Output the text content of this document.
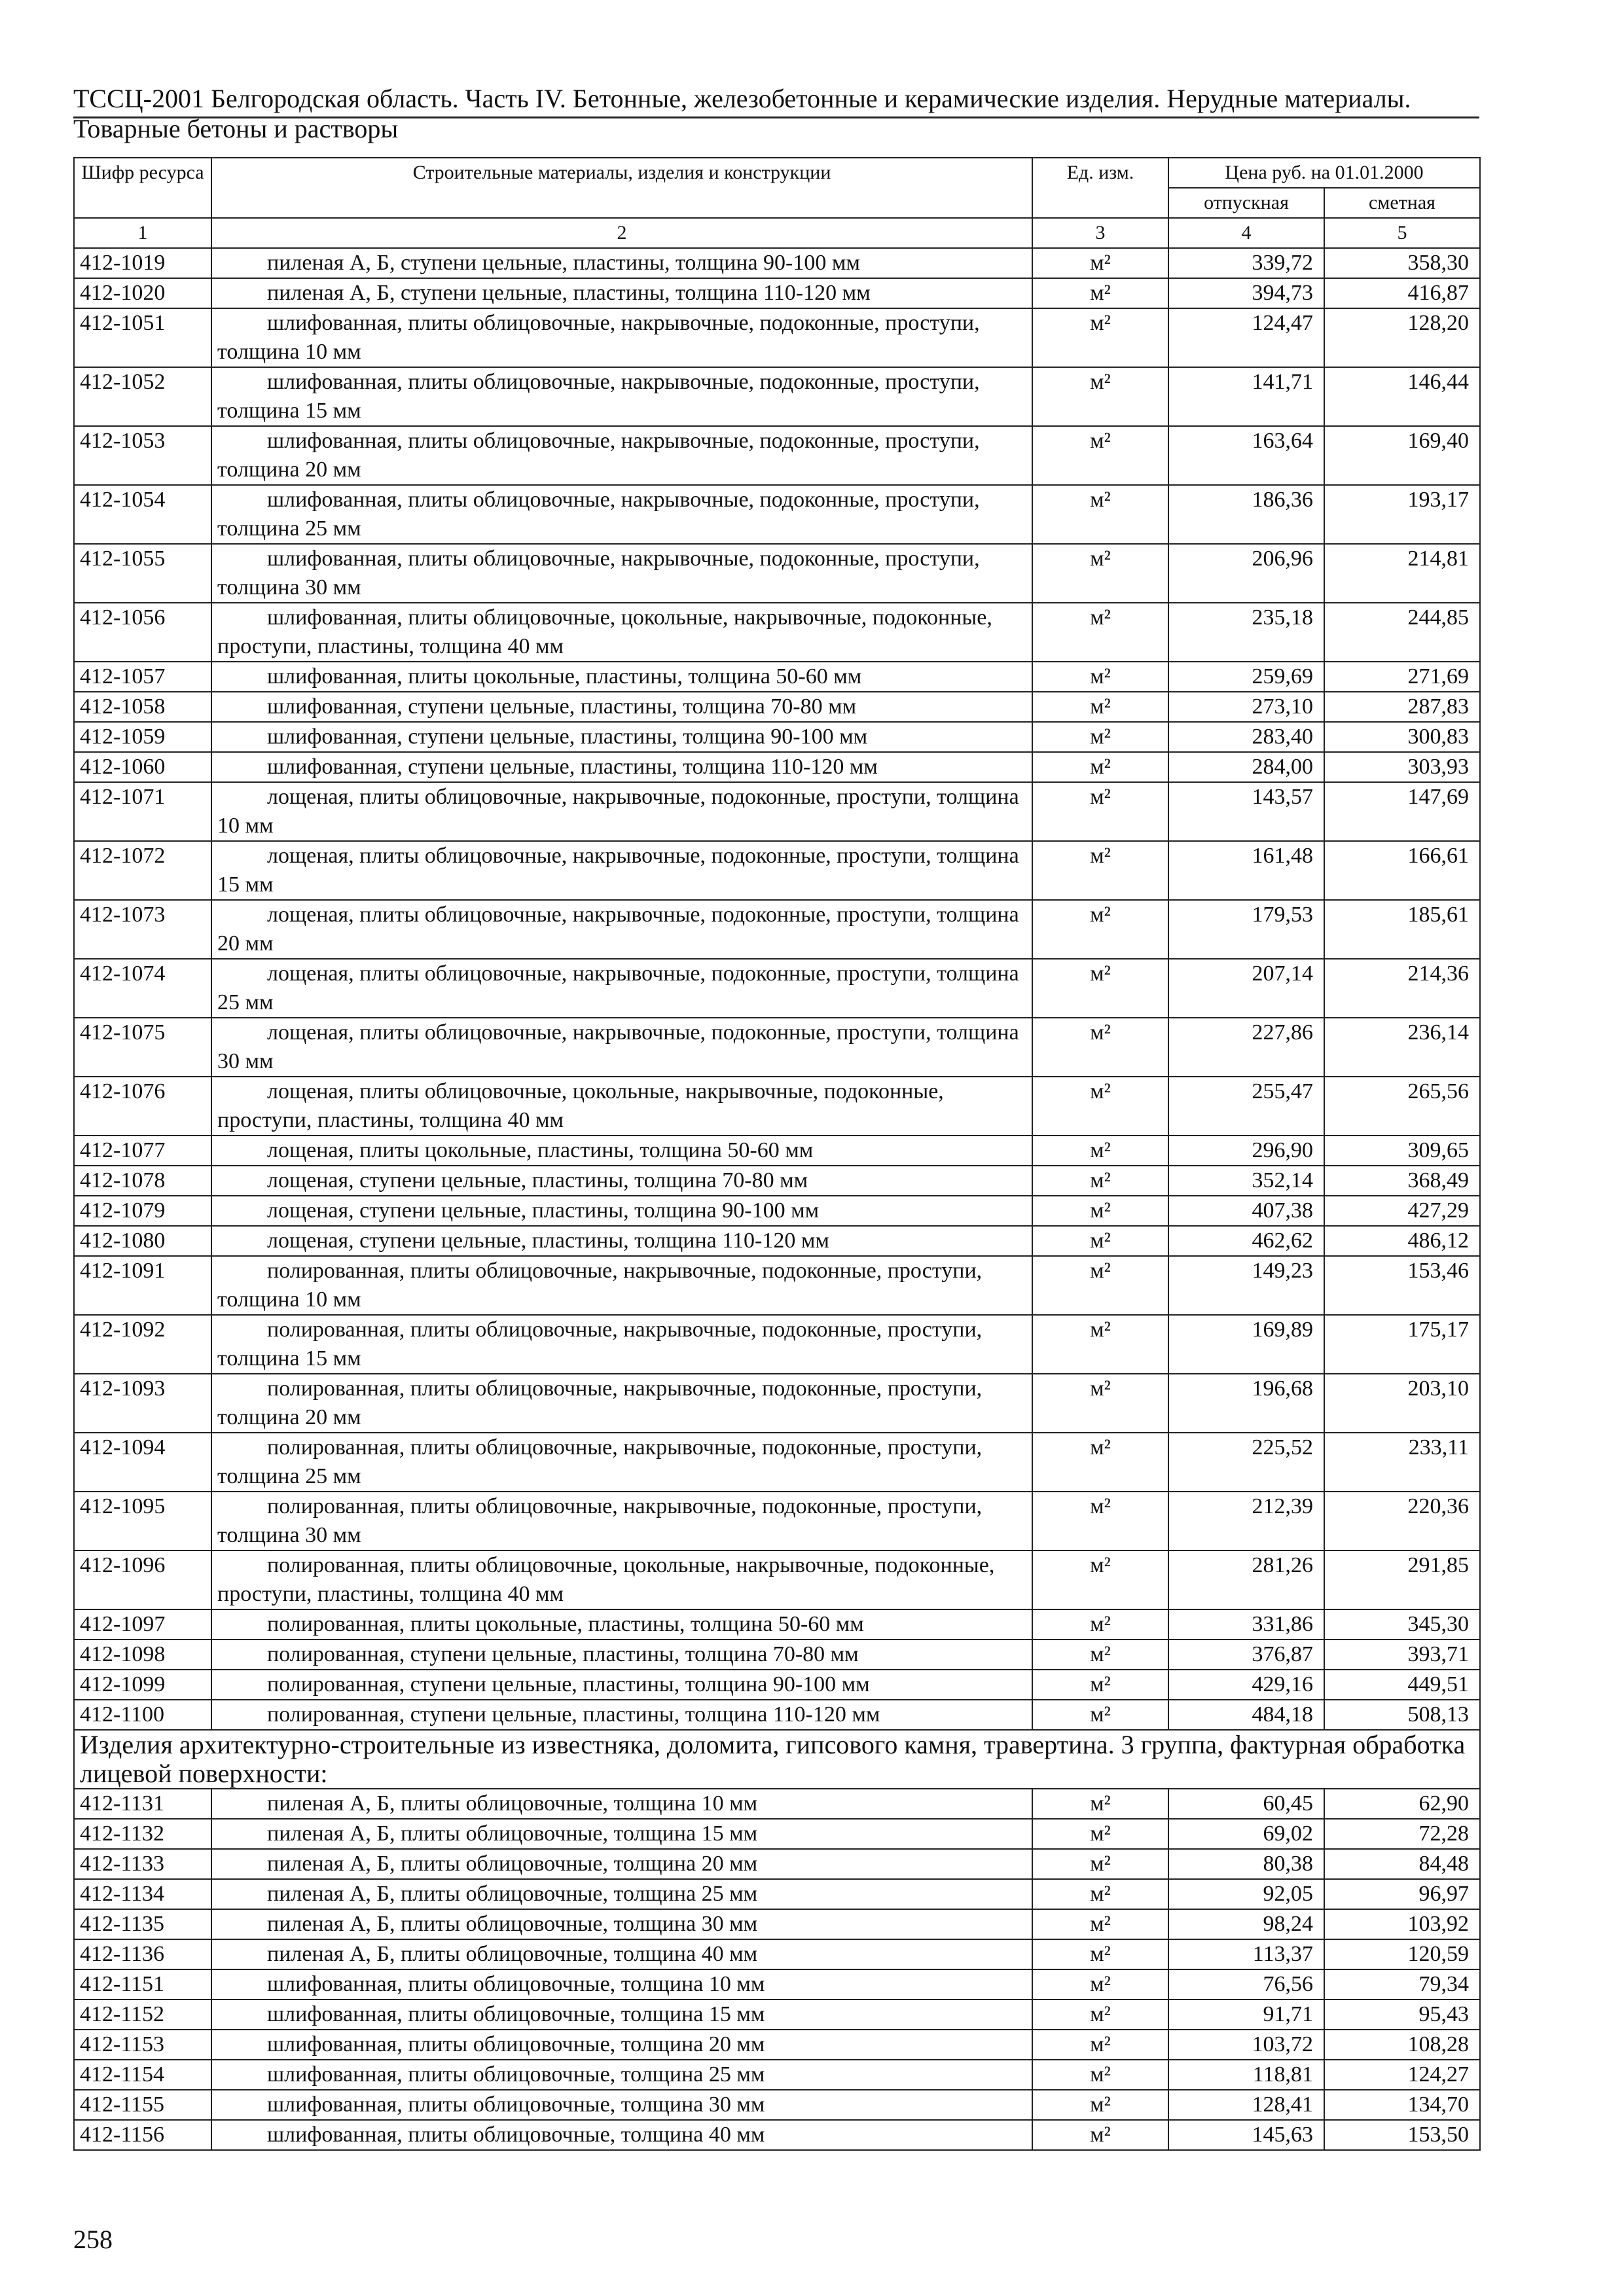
ТССЦ-2001 Белгородская область. Часть IV. Бетонные, железобетонные и керамические изделия. Нерудные материалы. Товарные бетоны и растворы
Шифр ресурса	Строительные материалы, изделия и конструкции	Ед. изм.	Цена руб. на 01.01.2000	
			отпускная	сметная
1	2	3	4	5
412-1019	пиленая А, Б, ступени цельные, пластины, толщина 90-100 мм	м²	339,72	358,30
412-1020	пиленая А, Б, ступени цельные, пластины, толщина 110-120 мм	м²	394,73	416,87
412-1051	шлифованная, плиты облицовочные, накрывочные, подоконные, проступи, толщина 10 мм	м²	124,47	128,20
412-1052	шлифованная, плиты облицовочные, накрывочные, подоконные, проступи, толщина 15 мм	м²	141,71	146,44
412-1053	шлифованная, плиты облицовочные, накрывочные, подоконные, проступи, толщина 20 мм	м²	163,64	169,40
412-1054	шлифованная, плиты облицовочные, накрывочные, подоконные, проступи, толщина 25 мм	м²	186,36	193,17
412-1055	шлифованная, плиты облицовочные, накрывочные, подоконные, проступи, толщина 30 мм	м²	206,96	214,81
412-1056	шлифованная, плиты облицовочные, цокольные, накрывочные, подоконные, проступи, пластины, толщина 40 мм	м²	235,18	244,85
412-1057	шлифованная, плиты цокольные, пластины, толщина 50-60 мм	м²	259,69	271,69
412-1058	шлифованная, ступени цельные, пластины, толщина 70-80 мм	м²	273,10	287,83
412-1059	шлифованная, ступени цельные, пластины, толщина 90-100 мм	м²	283,40	300,83
412-1060	шлифованная, ступени цельные, пластины, толщина 110-120 мм	м²	284,00	303,93
412-1071	лощеная, плиты облицовочные, накрывочные, подоконные, проступи, толщина 10 мм	м²	143,57	147,69
412-1072	лощеная, плиты облицовочные, накрывочные, подоконные, проступи, толщина 15 мм	м²	161,48	166,61
412-1073	лощеная, плиты облицовочные, накрывочные, подоконные, проступи, толщина 20 мм	м²	179,53	185,61
412-1074	лощеная, плиты облицовочные, накрывочные, подоконные, проступи, толщина 25 мм	м²	207,14	214,36
412-1075	лощеная, плиты облицовочные, накрывочные, подоконные, проступи, толщина 30 мм	м²	227,86	236,14
412-1076	лощеная, плиты облицовочные, цокольные, накрывочные, подоконные, проступи, пластины, толщина 40 мм	м²	255,47	265,56
412-1077	лощеная, плиты цокольные, пластины, толщина 50-60 мм	м²	296,90	309,65
412-1078	лощеная, ступени цельные, пластины, толщина 70-80 мм	м²	352,14	368,49
412-1079	лощеная, ступени цельные, пластины, толщина 90-100 мм	м²	407,38	427,29
412-1080	лощеная, ступени цельные, пластины, толщина 110-120 мм	м²	462,62	486,12
412-1091	полированная, плиты облицовочные, накрывочные, подоконные, проступи, толщина 10 мм	м²	149,23	153,46
412-1092	полированная, плиты облицовочные, накрывочные, подоконные, проступи, толщина 15 мм	м²	169,89	175,17
412-1093	полированная, плиты облицовочные, накрывочные, подоконные, проступи, толщина 20 мм	м²	196,68	203,10
412-1094	полированная, плиты облицовочные, накрывочные, подоконные, проступи, толщина 25 мм	м²	225,52	233,11
412-1095	полированная, плиты облицовочные, накрывочные, подоконные, проступи, толщина 30 мм	м²	212,39	220,36
412-1096	полированная, плиты облицовочные, цокольные, накрывочные, подоконные, проступи, пластины, толщина 40 мм	м²	281,26	291,85
412-1097	полированная, плиты цокольные, пластины, толщина 50-60 мм	м²	331,86	345,30
412-1098	полированная, ступени цельные, пластины, толщина 70-80 мм	м²	376,87	393,71
412-1099	полированная, ступени цельные, пластины, толщина 90-100 мм	м²	429,16	449,51
412-1100	полированная, ступени цельные, пластины, толщина 110-120 мм	м²	484,18	508,13
Изделия архитектурно-строительные из известняка, доломита, гипсового камня, травертина. 3 группа, фактурная обработка лицевой поверхности:				
412-1131	пиленая А, Б, плиты облицовочные, толщина 10 мм	м²	60,45	62,90
412-1132	пиленая А, Б, плиты облицовочные, толщина 15 мм	м²	69,02	72,28
412-1133	пиленая А, Б, плиты облицовочные, толщина 20 мм	м²	80,38	84,48
412-1134	пиленая А, Б, плиты облицовочные, толщина 25 мм	м²	92,05	96,97
412-1135	пиленая А, Б, плиты облицовочные, толщина 30 мм	м²	98,24	103,92
412-1136	пиленая А, Б, плиты облицовочные, толщина 40 мм	м²	113,37	120,59
412-1151	шлифованная, плиты облицовочные, толщина 10 мм	м²	76,56	79,34
412-1152	шлифованная, плиты облицовочные, толщина 15 мм	м²	91,71	95,43
412-1153	шлифованная, плиты облицовочные, толщина 20 мм	м²	103,72	108,28
412-1154	шлифованная, плиты облицовочные, толщина 25 мм	м²	118,81	124,27
412-1155	шлифованная, плиты облицовочные, толщина 30 мм	м²	128,41	134,70
412-1156	шлифованная, плиты облицовочные, толщина 40 мм	м²	145,63	153,50
258
